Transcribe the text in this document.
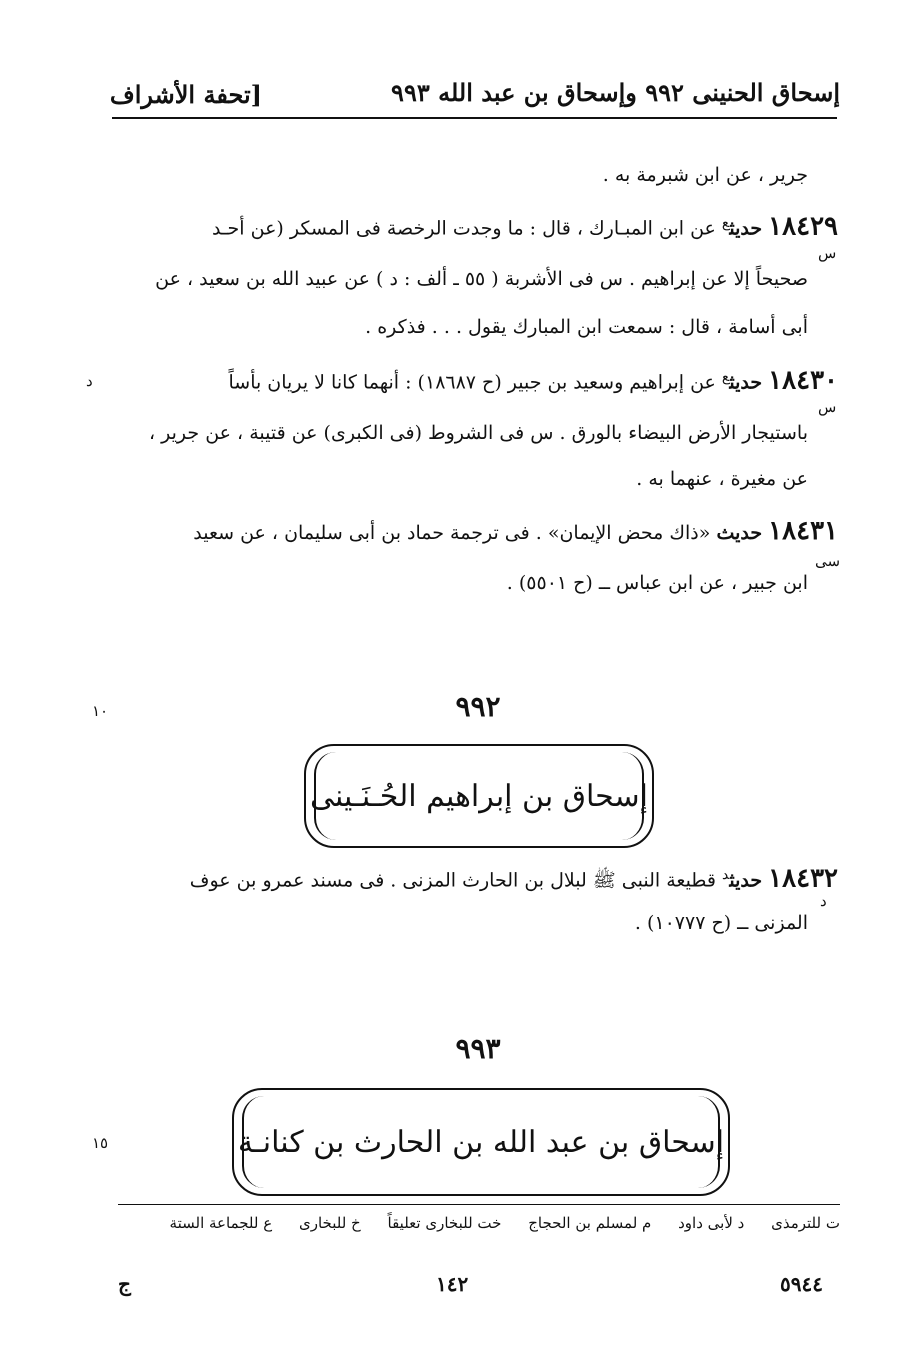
إسحاق الحنينى ٩٩٢ وإسحاق بن عبد الله ٩٩٣
[تحفة الأشراف
جرير ، عن ابن شبرمة به .
١٨٤٢٩ حديث$^ع$ عن ابن المبـارك ، قال : ما وجدت الرخصة فى المسكر (عن أحـد
س
صحيحاً إلا عن إبراهيم . س فى الأشربة ( ٥٥ ـ ألف : د ) عن عبيد الله بن سعيد ، عن
أبى أسامة ، قال : سمعت ابن المبارك يقول . . . فذكره .
١٨٤٣٠ حديث$^ع$ عن إبراهيم وسعيد بن جبير (ح ١٨٦٨٧) : أنهما كانا لا يريان بأساً
د
س
باستيجار الأرض البيضاء بالورق . س فى الشروط (فى الكبرى) عن قتيبة ، عن جرير ،
عن مغيرة ، عنهما به .
١٨٤٣١ حديث «ذاك محض الإيمان» . فى ترجمة حماد بن أبى سليمان ، عن سعيد
سى
ابن جبير ، عن ابن عباس ــ (ح ٥٥٠١) .
٩٩٢
١٠
إسحاق بن إبراهيم الحُـنَـينى
١٨٤٣٢ حديث$^د$ قطيعة النبى ﷺ لبلال بن الحارث المزنى . فى مسند عمرو بن عوف
د
المزنى ــ (ح ١٠٧٧٧) .
٩٩٣
١٥	إسحاق بن عبد الله بن الحارث بن كنانـة
ع للجماعة الستة خ للبخارى خت للبخارى تعليقاً م لمسلم بن الحجاج د لأبى داود ت للترمذى
ج	١٤٢	٥٩٤٤
